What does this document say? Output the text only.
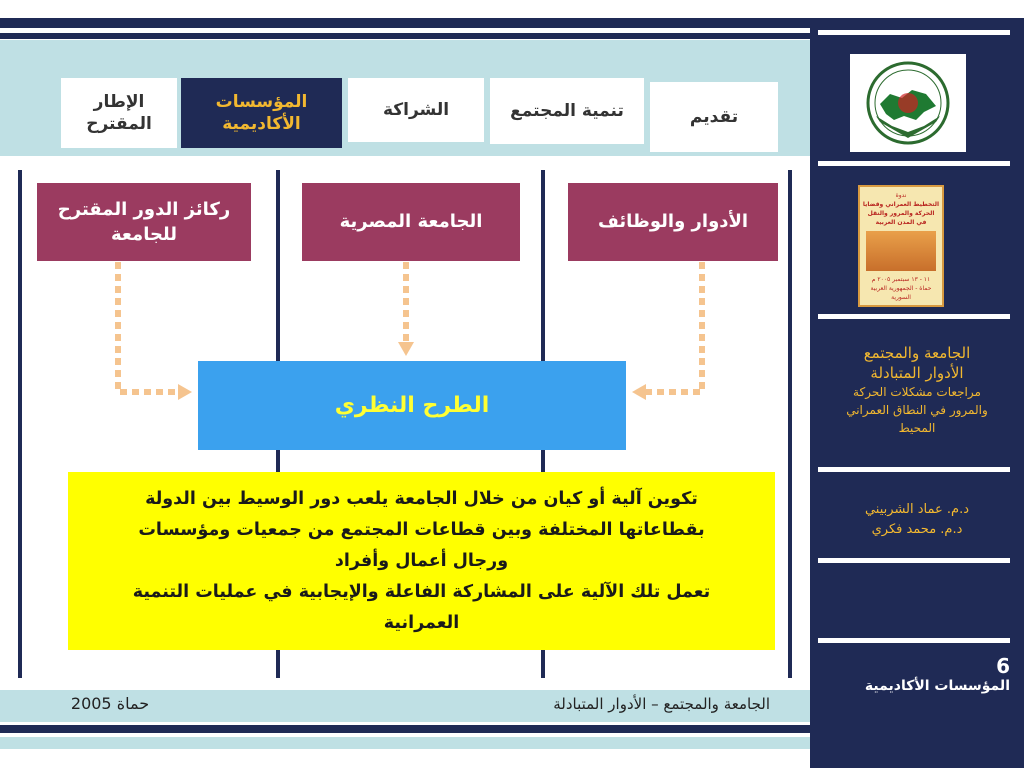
الإطار
المقترح
المؤسسات
الأكاديمية
الشراكة	تنمية المجتمع	تقديم
ركائز الدور المقترح
للجامعة
الجامعة المصرية	الأدوار والوظائف
الطرح النظري
تكوين آلية أو كيان من خلال الجامعة يلعب دور الوسيط بين الدولة
بقطاعاتها المختلفة وبين قطاعات المجتمع من جمعيات ومؤسسات
ورجال أعمال وأفراد
تعمل تلك الآلية على المشاركة الفاعلة والإيجابية في عمليات التنمية
العمرانية
الجامعة والمجتمع – الأدوار المتبادلة
حماة 2005
ندوة
التخطيط العمراني وقضايا
الحركة والمرور والنقل
في المدن العربية
١١ - ١٣ سبتمبر ٢٠٠٥ م
حماة - الجمهورية العربية السورية
الجامعة والمجتمع
الأدوار المتبادلة
مراجعات مشكلات الحركة
والمرور في النطاق العمراني
المحيط
د.م. عماد الشربيني
د.م. محمد فكري
6
المؤسسات الأكاديمية
